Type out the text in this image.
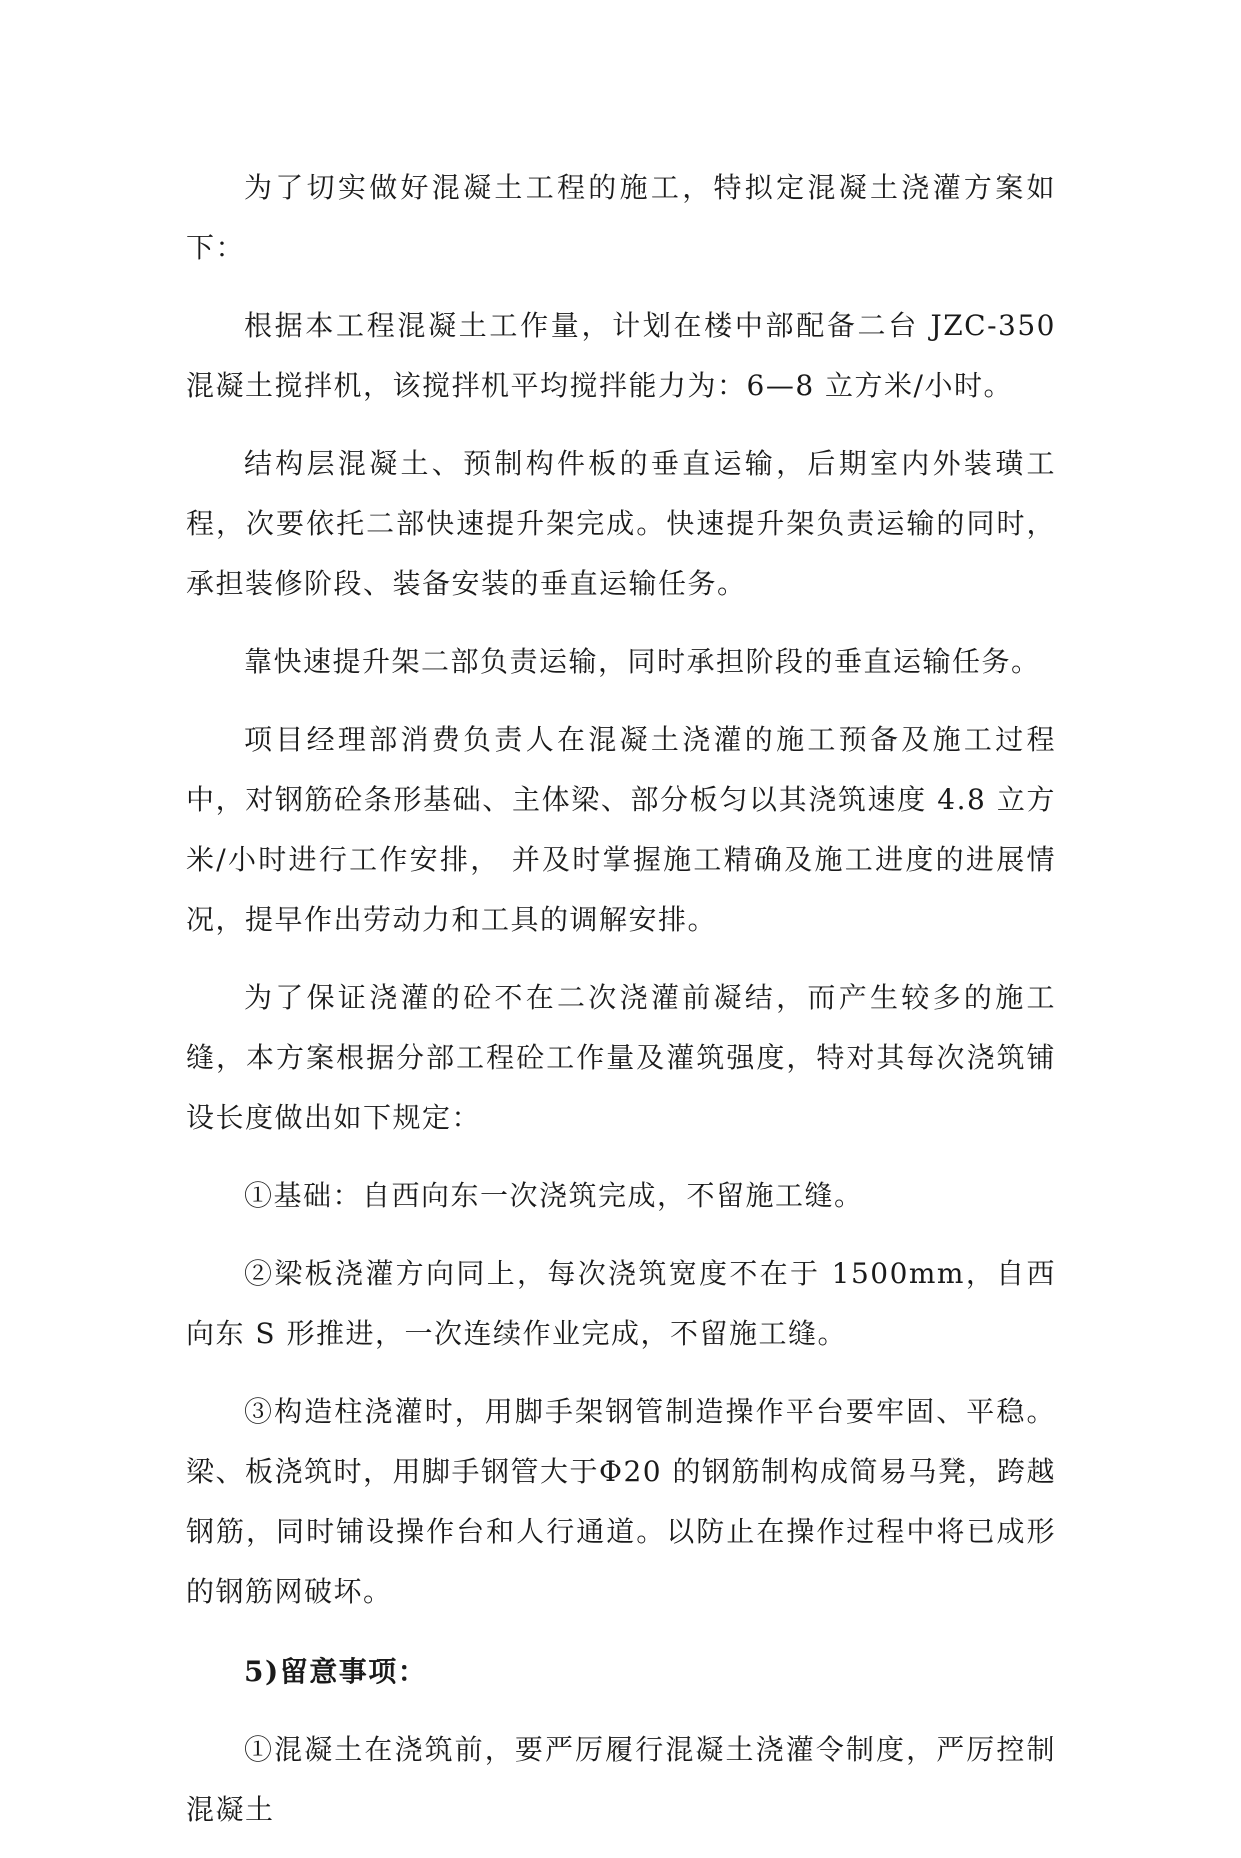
为了切实做好混凝土工程的施工，特拟定混凝土浇灌方案如下：

根据本工程混凝土工作量，计划在楼中部配备二台 JZC-350 混凝土搅拌机，该搅拌机平均搅拌能力为：6—8 立方米/小时。

结构层混凝土、预制构件板的垂直运输，后期室内外装璜工程，次要依托二部快速提升架完成。快速提升架负责运输的同时，承担装修阶段、装备安装的垂直运输任务。

靠快速提升架二部负责运输，同时承担阶段的垂直运输任务。

项目经理部消费负责人在混凝土浇灌的施工预备及施工过程中，对钢筋砼条形基础、主体梁、部分板匀以其浇筑速度 4.8 立方米/小时进行工作安排， 并及时掌握施工精确及施工进度的进展情况，提早作出劳动力和工具的调解安排。

为了保证浇灌的砼不在二次浇灌前凝结，而产生较多的施工缝，本方案根据分部工程砼工作量及灌筑强度，特对其每次浇筑铺设长度做出如下规定：

①基础：自西向东一次浇筑完成，不留施工缝。

②梁板浇灌方向同上，每次浇筑宽度不在于 1500mm，自西向东 S 形推进，一次连续作业完成，不留施工缝。

③构造柱浇灌时，用脚手架钢管制造操作平台要牢固、平稳。梁、板浇筑时，用脚手钢管大于Φ20 的钢筋制构成简易马凳，跨越钢筋，同时铺设操作台和人行通道。以防止在操作过程中将已成形的钢筋网破坏。

5)留意事项：

①混凝土在浇筑前，要严厉履行混凝土浇灌令制度，严厉控制混凝土
